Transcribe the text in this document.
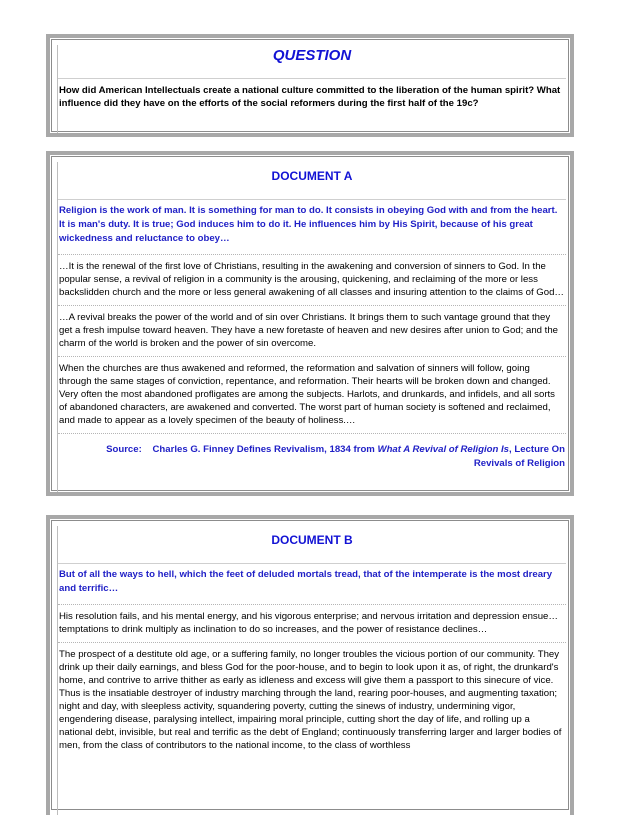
QUESTION
How did American Intellectuals create a national culture committed to the liberation of the human spirit? What influence did they have on the efforts of the social reformers during the first half of the 19c?
DOCUMENT A
Religion is the work of man. It is something for man to do. It consists in obeying God with and from the heart. It is man's duty. It is true; God induces him to do it. He influences him by His Spirit, because of his great wickedness and reluctance to obey…
…It is the renewal of the first love of Christians, resulting in the awakening and conversion of sinners to God. In the popular sense, a revival of religion in a community is the arousing, quickening, and reclaiming of the more or less backslidden church and the more or less general awakening of all classes and insuring attention to the claims of God…
…A revival breaks the power of the world and of sin over Christians. It brings them to such vantage ground that they get a fresh impulse toward heaven. They have a new foretaste of heaven and new desires after union to God; and the charm of the world is broken and the power of sin overcome.
When the churches are thus awakened and reformed, the reformation and salvation of sinners will follow, going through the same stages of conviction, repentance, and reformation. Their hearts will be broken down and changed. Very often the most abandoned profligates are among the subjects. Harlots, and drunkards, and infidels, and all sorts of abandoned characters, are awakened and converted. The worst part of human society is softened and reclaimed, and made to appear as a lovely specimen of the beauty of holiness.…
Source: Charles G. Finney Defines Revivalism, 1834 from What A Revival of Religion Is, Lecture On
Revivals of Religion
DOCUMENT B
But of all the ways to hell, which the feet of deluded mortals tread, that of the intemperate is the most dreary and terrific…
His resolution fails, and his mental energy, and his vigorous enterprise; and nervous irritation and depression ensue…temptations to drink multiply as inclination to do so increases, and the power of resistance declines…
The prospect of a destitute old age, or a suffering family, no longer troubles the vicious portion of our community. They drink up their daily earnings, and bless God for the poor-house, and to begin to look upon it as, of right, the drunkard's home, and contrive to arrive thither as early as idleness and excess will give them a passport to this sinecure of vice. Thus is the insatiable destroyer of industry marching through the land, rearing poor-houses, and augmenting taxation; night and day, with sleepless activity, squandering poverty, cutting the sinews of industry, undermining vigor, engendering disease, paralysing intellect, impairing moral principle, cutting short the day of life, and rolling up a national debt, invisible, but real and terrific as the debt of England; continuously transferring larger and larger bodies of men, from the class of contributors to the national income, to the class of worthless
